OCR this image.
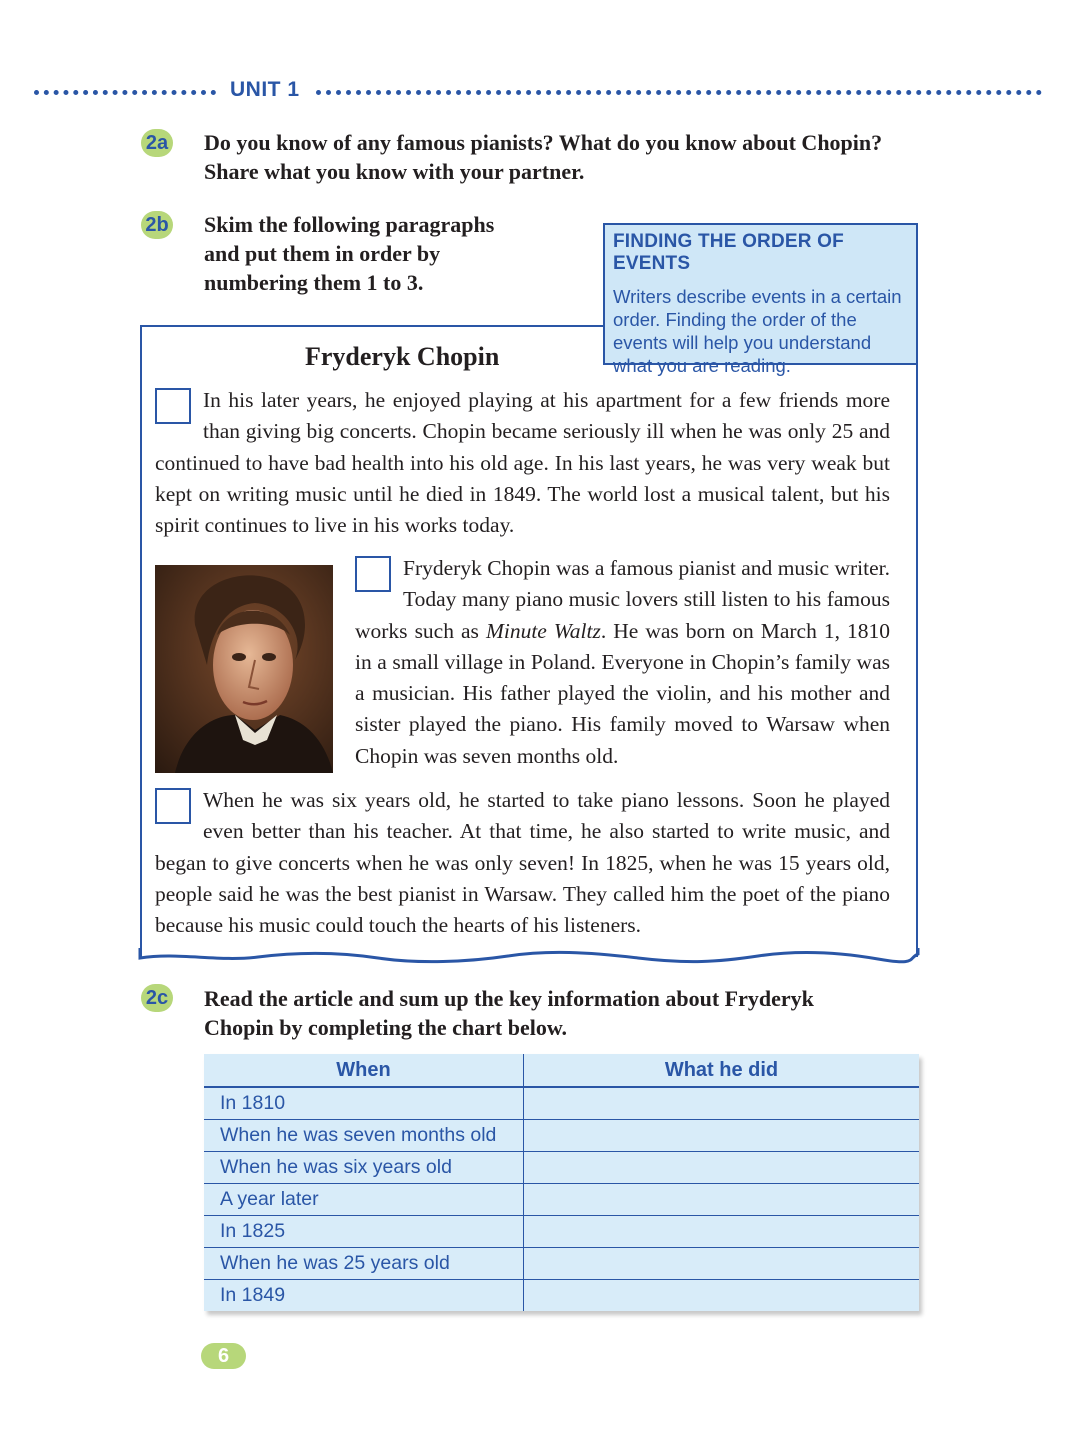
UNIT 1
2a Do you know of any famous pianists? What do you know about Chopin?
Share what you know with your partner.
2b Skim the following paragraphs
and put them in order by
numbering them 1 to 3.
FINDING THE ORDER OF EVENTS
Writers describe events in a certain order. Finding the order of the events will help you understand what you are reading.
Fryderyk Chopin
In his later years, he enjoyed playing at his apartment for a few friends more than giving big concerts. Chopin became seriously ill when he was only 25 and continued to have bad health into his old age. In his last years, he was very weak but kept on writing music until he died in 1849. The world lost a musical talent, but his spirit continues to live in his works today.
Fryderyk Chopin was a famous pianist and music writer. Today many piano music lovers still listen to his famous works such as Minute Waltz. He was born on March 1, 1810 in a small village in Poland. Everyone in Chopin’s family was a musician. His father played the violin, and his mother and sister played the piano. His family moved to Warsaw when Chopin was seven months old.
When he was six years old, he started to take piano lessons. Soon he played even better than his teacher. At that time, he also started to write music, and began to give concerts when he was only seven! In 1825, when he was 15 years old, people said he was the best pianist in Warsaw. They called him the poet of the piano because his music could touch the hearts of his listeners.
2c Read the article and sum up the key information about Fryderyk
Chopin by completing the chart below.
When	What he did
In 1810	
When he was seven months old	
When he was six years old	
A year later	
In 1825	
When he was 25 years old	
In 1849	
6
